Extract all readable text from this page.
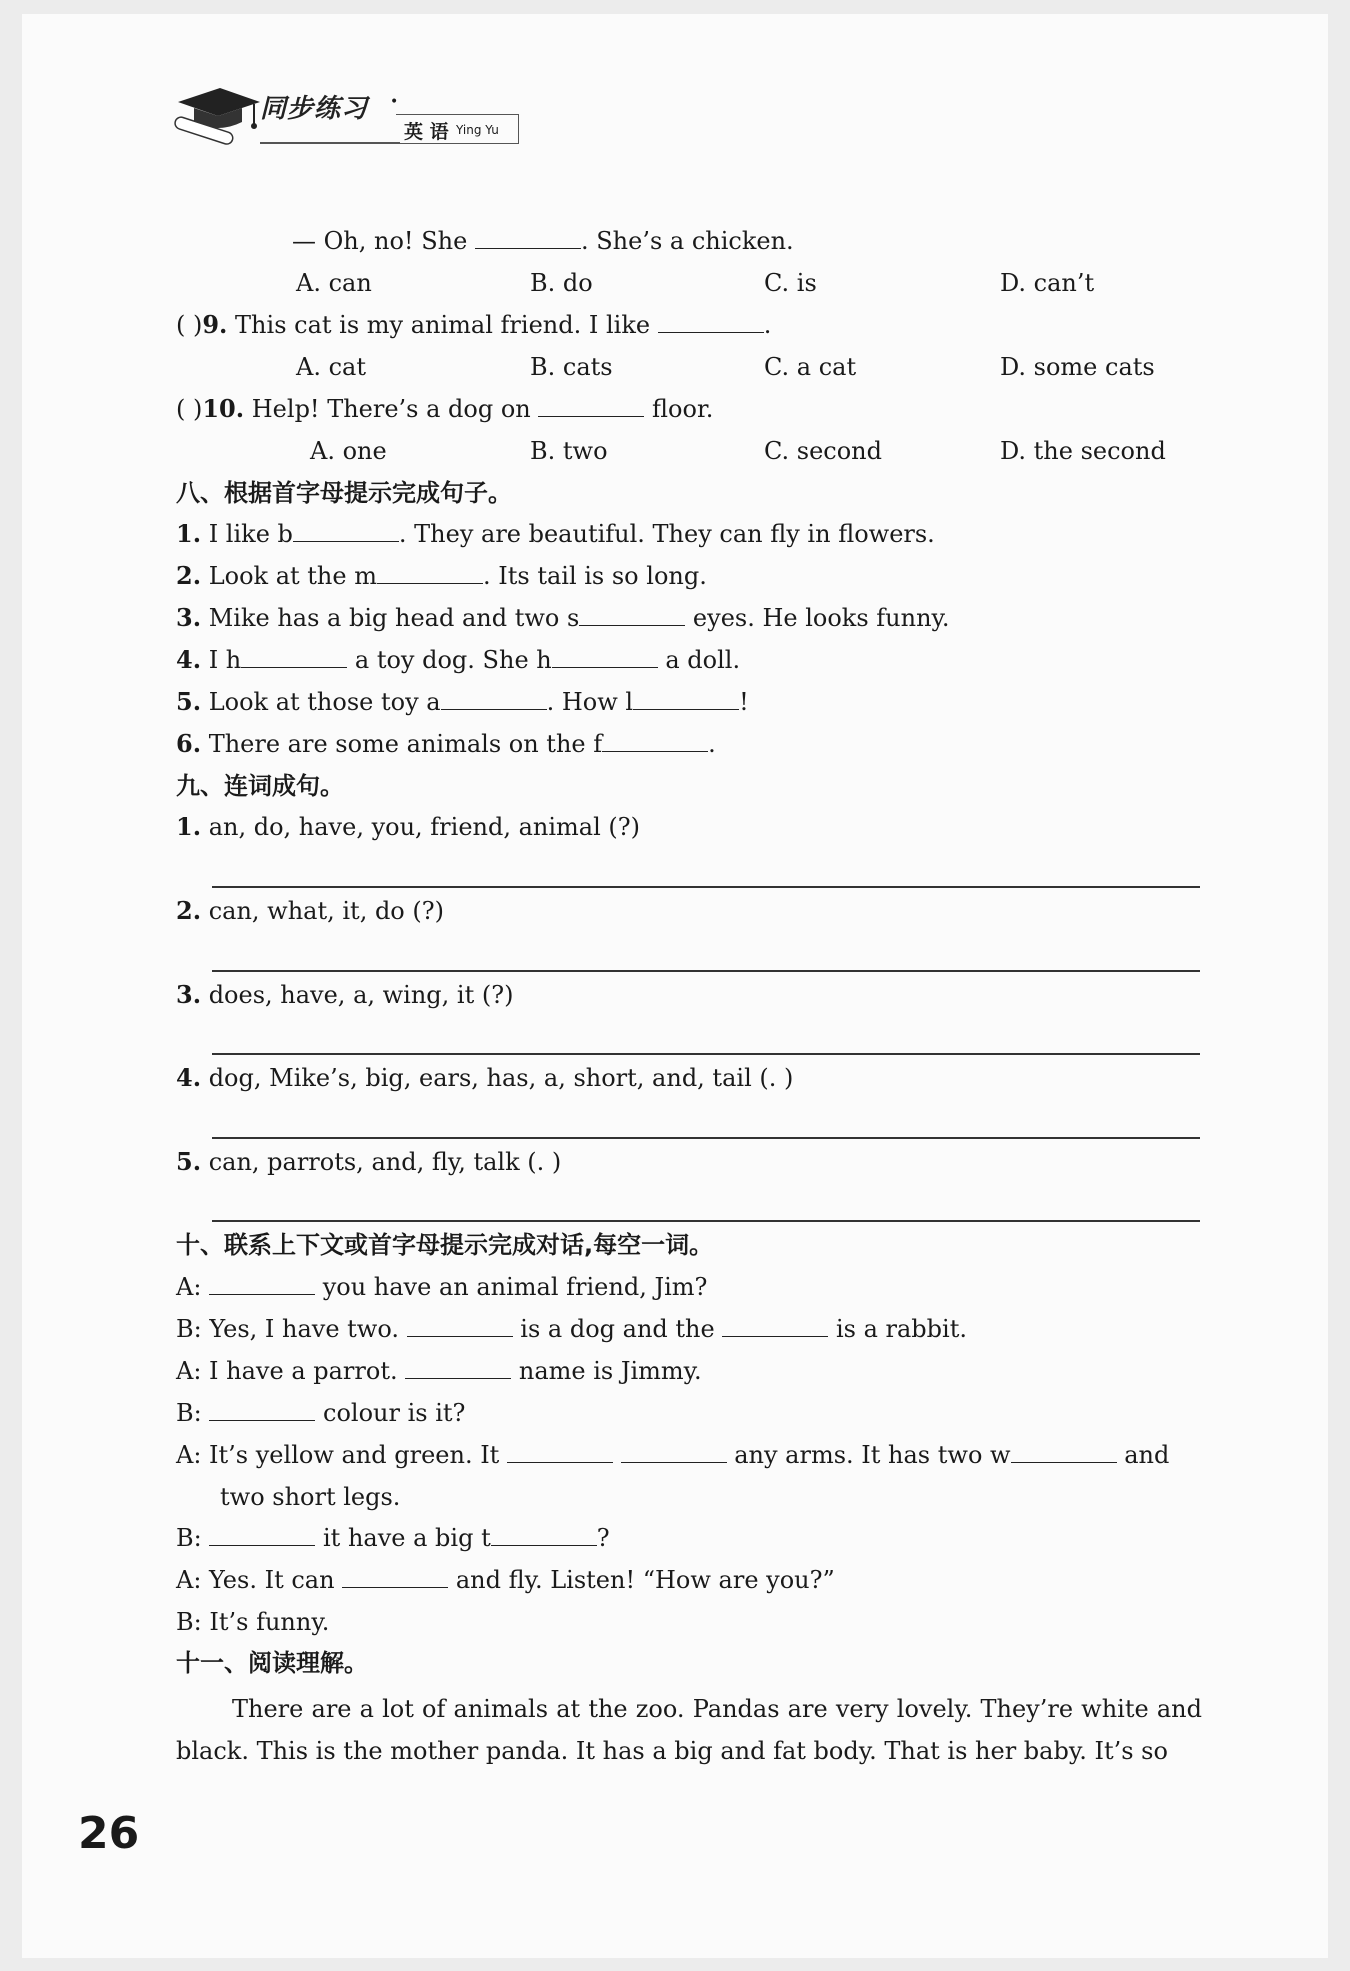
同步练习 •
英 语 Ying Yu
— Oh, no! She	. She’s a chicken.
A. can	B. do	C. is	D. can’t
( )9. This cat is my animal friend. I like	.
A. cat	B. cats	C. a cat	D. some cats
( )10. Help! There’s a dog on	floor.
A. one	B. two	C. second	D. the second
八、根据首字母提示完成句子。
1. I like b	. They are beautiful. They can fly in flowers.
2. Look at the m	. Its tail is so long.
3. Mike has a big head and two s	eyes. He looks funny.
4. I h	a toy dog. She h	a doll.
5. Look at those toy a	. How l	!
6. There are some animals on the f	.
九、连词成句。
1. an, do, have, you, friend, animal (?)
2. can, what, it, do (?)
3. does, have, a, wing, it (?)
4. dog, Mike’s, big, ears, has, a, short, and, tail (. )
5. can, parrots, and, fly, talk (. )
十、联系上下文或首字母提示完成对话,每空一词。
A:	you have an animal friend, Jim?
B: Yes, I have two.	is a dog and the	is a rabbit.
A: I have a parrot.	name is Jimmy.
B:	colour is it?
A: It’s yellow and green. It	any arms. It has two w	and
two short legs.
B:	it have a big t	?
A: Yes. It can	and fly. Listen! “How are you?”
B: It’s funny.
十一、阅读理解。
There are a lot of animals at the zoo. Pandas are very lovely. They’re white and black. This is the mother panda. It has a big and fat body. That is her baby. It’s so
26
